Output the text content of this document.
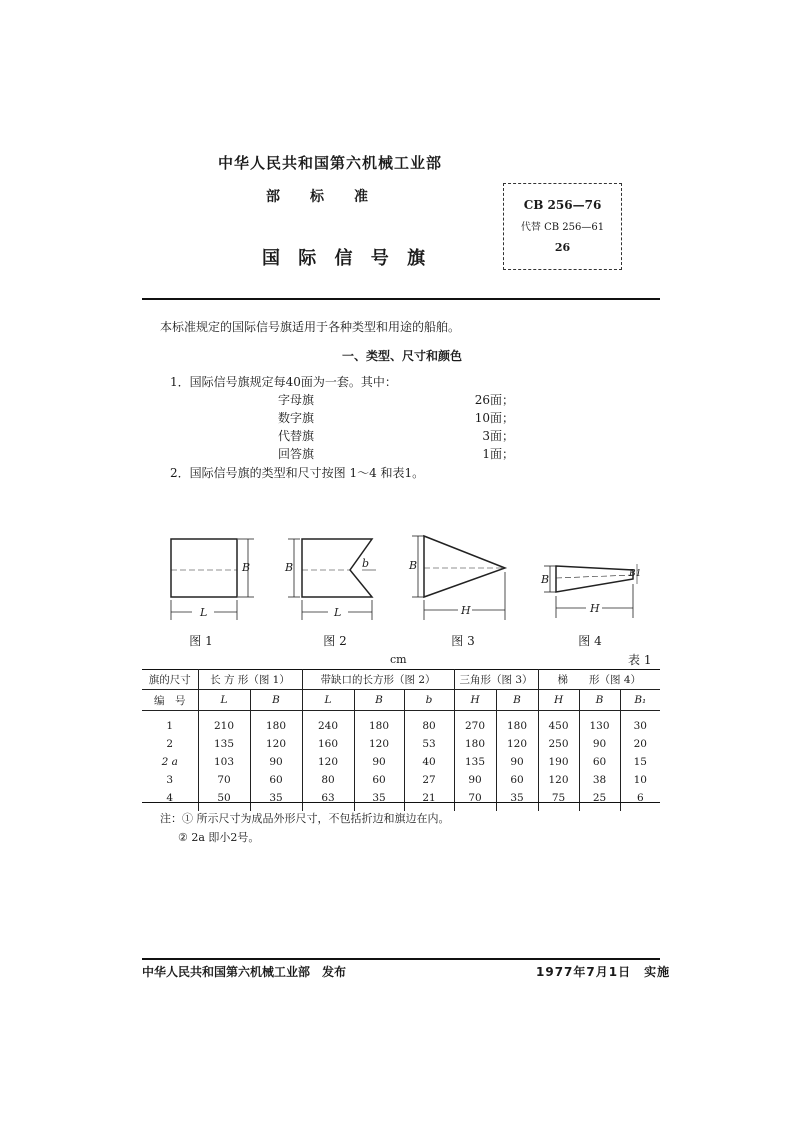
中华人民共和国第六机械工业部
部 标 准
国 际 信 号 旗
CB 256—76
代替 CB 256—61
26
本标准规定的国际信号旗适用于各种类型和用途的船舶。
一、类型、尺寸和颜色
1．国际信号旗规定每40面为一套。其中：
字母旗	26面；
数字旗	10面；
代替旗	3面；
回答旗	1面；
2．国际信号旗的类型和尺寸按图 1～4 和表1。
L
B
L
B	b
H
B
H
B	B1
图 1	图 2	图 3	图 4
cm	表 1
旗的尺寸	长 方 形（图 1）		带缺口的长方形（图 2）			三角形（图 3）		梯　　形（图 4）		
编　号	L	B	L	B	b	H	B	H	B	B₁
1	210	180	240	180	80	270	180	450	130	30
2	135	120	160	120	53	180	120	250	90	20
2 a	103	90	120	90	40	135	90	190	60	15
3	70	60	80	60	27	90	60	120	38	10
4	50	35	63	35	21	70	35	75	25	6
注：① 所示尺寸为成品外形尺寸，不包括折边和旗边在内。
② 2a 即小2号。
中华人民共和国第六机械工业部　发布	1977年7月1日　实施
